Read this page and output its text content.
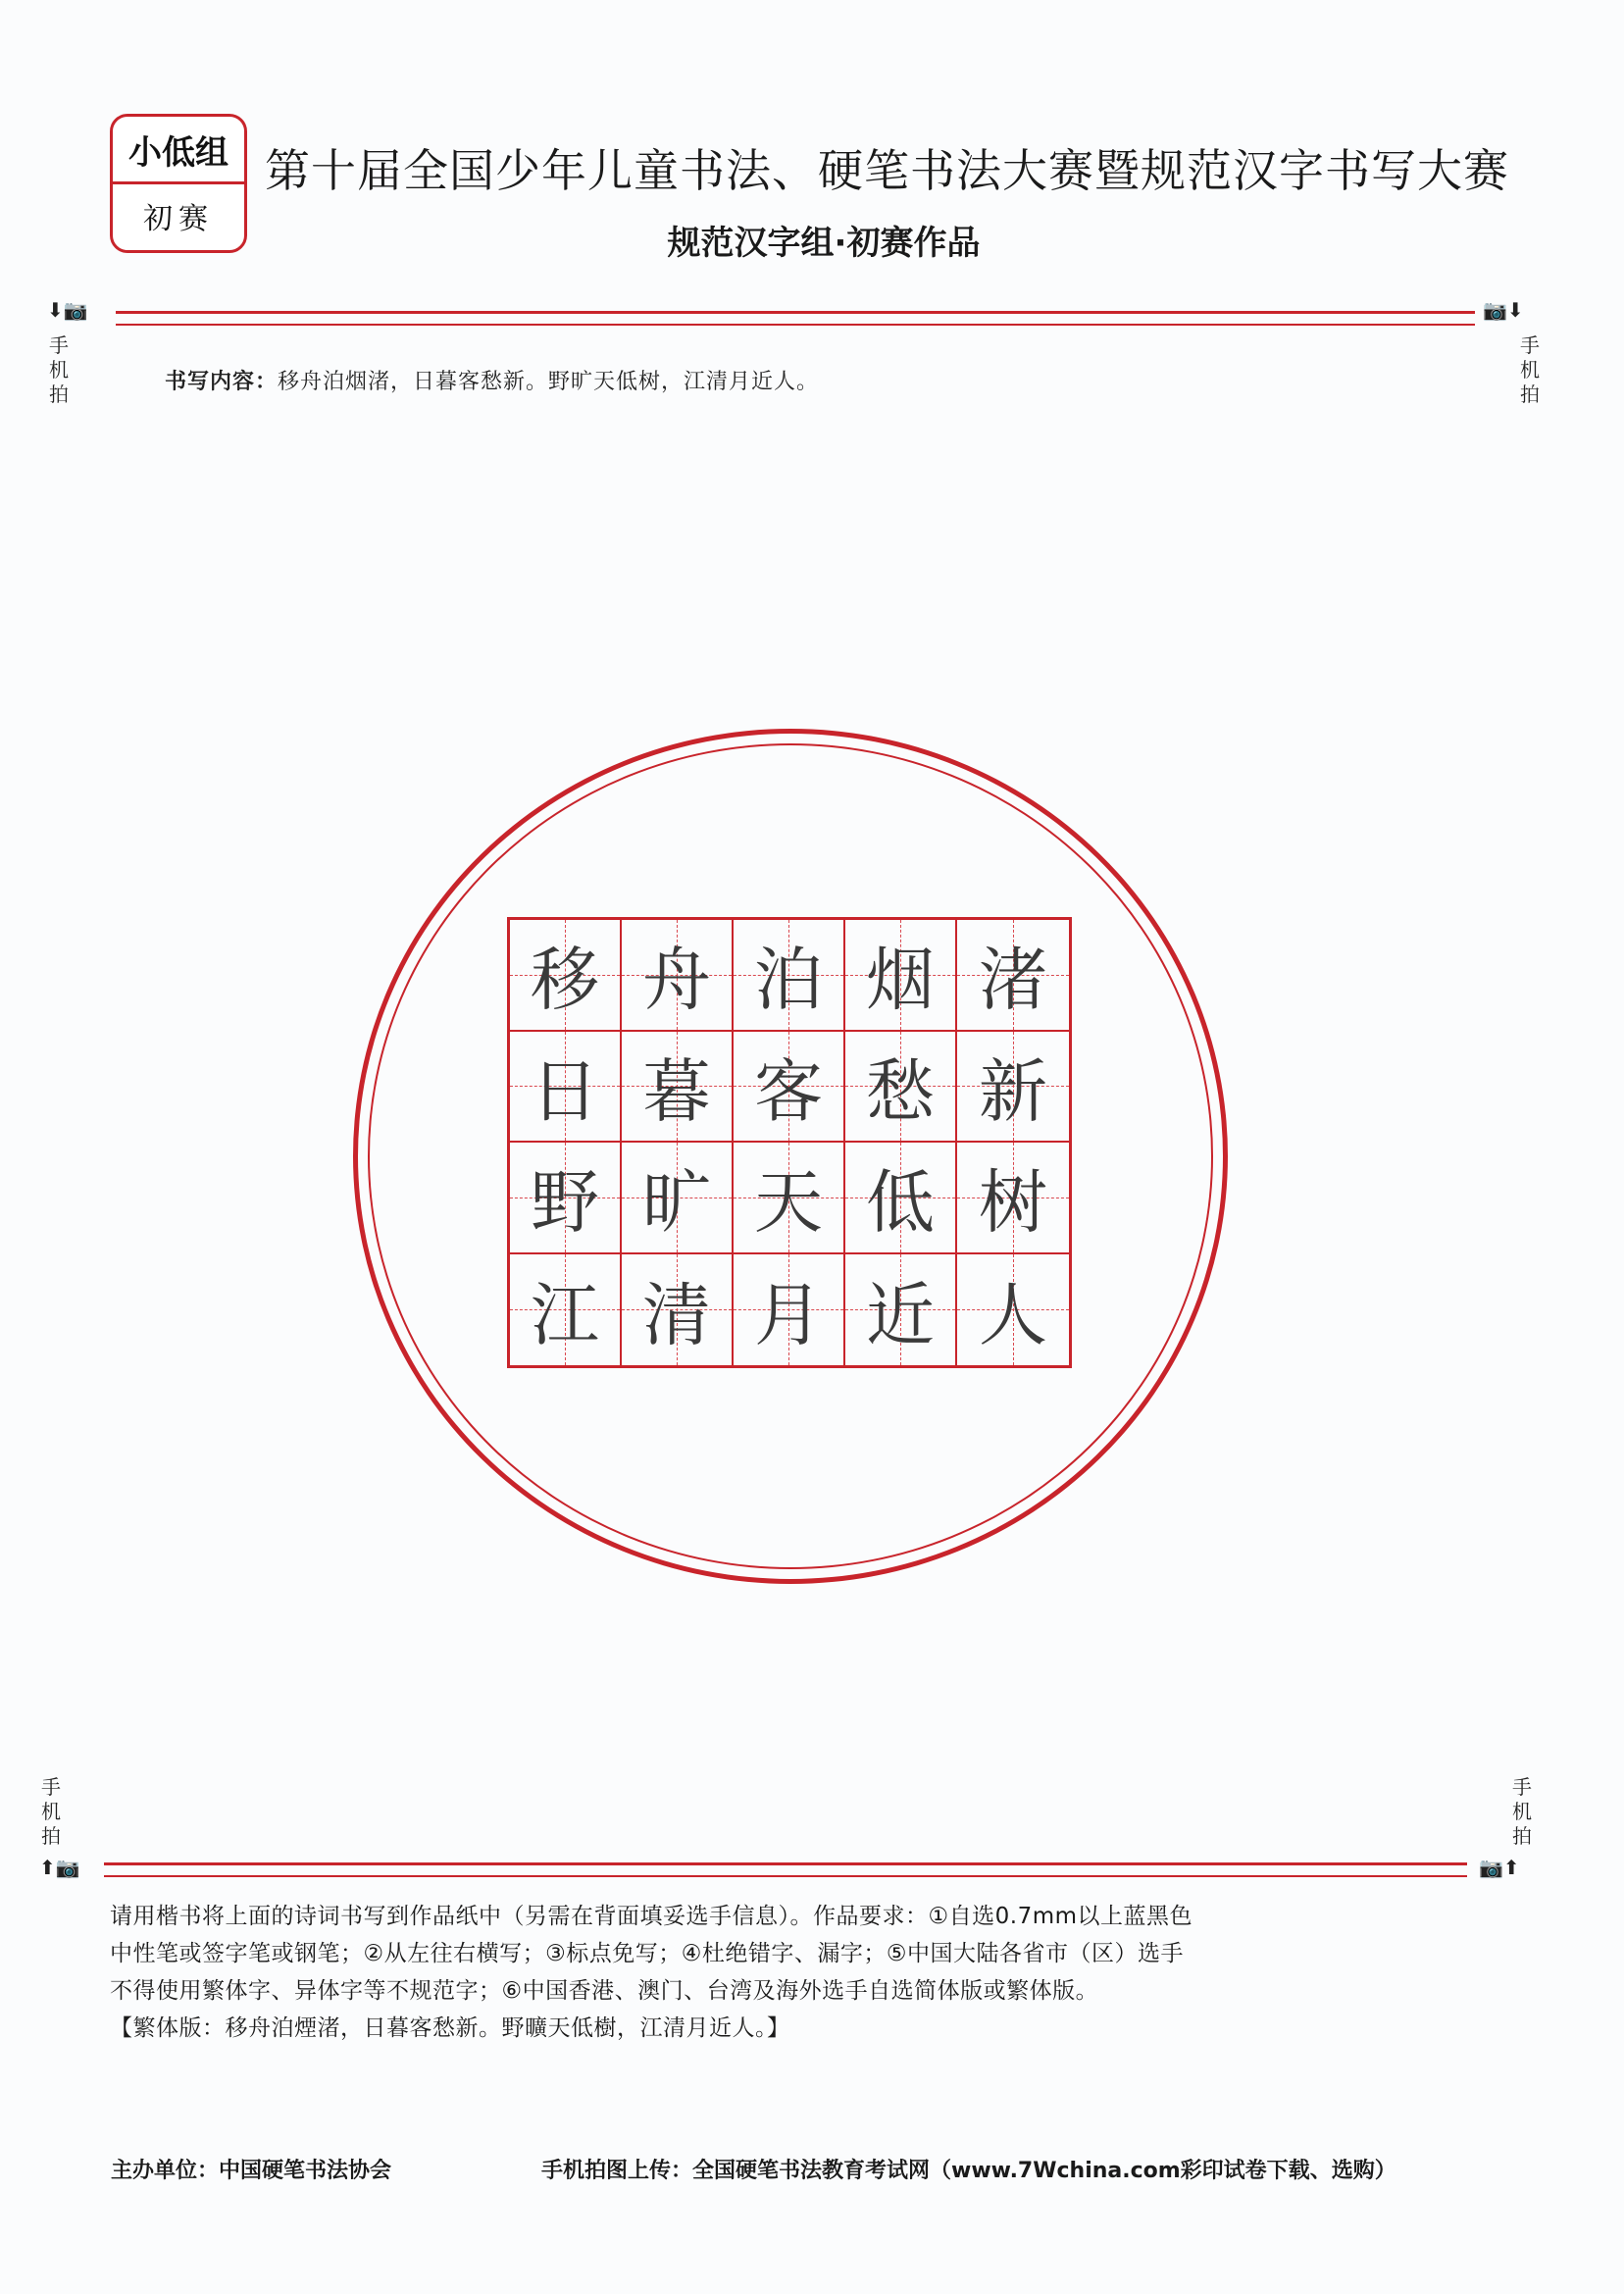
小低组
初赛
第十届全国少年儿童书法、硬笔书法大赛暨规范汉字书写大赛
规范汉字组·初赛作品
⬇📷
手机拍
📷⬇
手机拍
书写内容：移舟泊烟渚，日暮客愁新。野旷天低树，江清月近人。
移 舟 泊 烟 渚
日 暮 客 愁 新
野 旷 天 低 树
江 清 月 近 人
手机拍
⬆📷
手机拍
📷⬆

请用楷书将上面的诗词书写到作品纸中（另需在背面填妥选手信息）。作品要求：①自选0.7mm以上蓝黑色

中性笔或签字笔或钢笔；②从左往右横写；③标点免写；④杜绝错字、漏字；⑤中国大陆各省市（区）选手

不得使用繁体字、异体字等不规范字；⑥中国香港、澳门、台湾及海外选手自选简体版或繁体版。

【繁体版：移舟泊煙渚，日暮客愁新。野曠天低樹，江清月近人。】

主办单位：中国硬笔书法协会	手机拍图上传：全国硬笔书法教育考试网（www.7Wchina.com彩印试卷下载、选购）
